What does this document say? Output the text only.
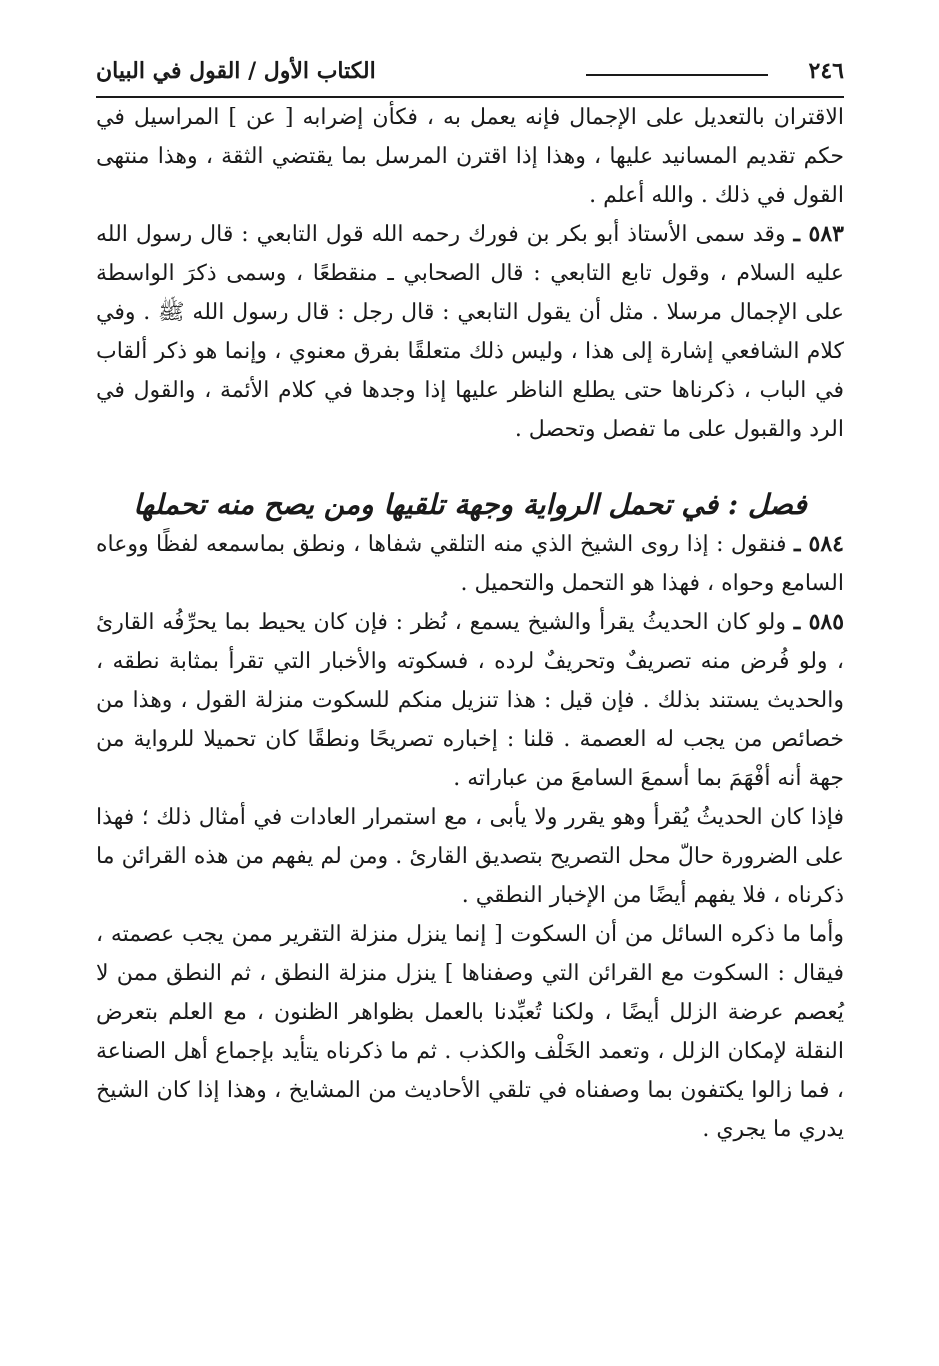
٢٤٦
الكتاب الأول / القول في البيان

الاقتران بالتعديل على الإجمال فإنه يعمل به ، فكأن إضرابه [ عن ] المراسيل في حكم تقديم المسانيد عليها ، وهذا إذا اقترن المرسل بما يقتضي الثقة ، وهذا منتهى القول في ذلك . والله أعلم .

٥٨٣ ـ وقد سمى الأستاذ أبو بكر بن فورك رحمه الله قول التابعي : قال رسول الله عليه السلام ، وقول تابع التابعي : قال الصحابي ـ منقطعًا ، وسمى ذكرَ الواسطة على الإجمال مرسلا . مثل أن يقول التابعي : قال رجل : قال رسول الله ﷺ . وفي كلام الشافعي إشارة إلى هذا ، وليس ذلك متعلقًا بفرق معنوي ، وإنما هو ذكر ألقاب في الباب ، ذكرناها حتى يطلع الناظر عليها إذا وجدها في كلام الأئمة ، والقول في الرد والقبول على ما تفصل وتحصل .

فصل : في تحمل الرواية وجهة تلقيها ومن يصح منه تحملها

٥٨٤ ـ فنقول : إذا روى الشيخ الذي منه التلقي شفاها ، ونطق بماسمعه لفظًا ووعاه السامع وحواه ، فهذا هو التحمل والتحميل .

٥٨٥ ـ ولو كان الحديثُ يقرأ والشيخ يسمع ، نُظر : فإن كان يحيط بما يحرِّفُه القارئ ، ولو فُرض منه تصريفٌ وتحريفٌ لرده ، فسكوته والأخبار التي تقرأ بمثابة نطقه ، والحديث يستند بذلك . فإن قيل : هذا تنزيل منكم للسكوت منزلة القول ، وهذا من خصائص من يجب له العصمة . قلنا : إخباره تصريحًا ونطقًا كان تحميلا للرواية من جهة أنه أفْهَمَ بما أسمعَ السامعَ من عباراته .

فإذا كان الحديثُ يُقرأ وهو يقرر ولا يأبى ، مع استمرار العادات في أمثال ذلك ؛ فهذا على الضرورة حالّ محل التصريح بتصديق القارئ . ومن لم يفهم من هذه القرائن ما ذكرناه ، فلا يفهم أيضًا من الإخبار النطقي .

وأما ما ذكره السائل من أن السكوت [ إنما ينزل منزلة التقرير ممن يجب عصمته ، فيقال : السكوت مع القرائن التي وصفناها ] ينزل منزلة النطق ، ثم النطق ممن لا يُعصم عرضة الزلل أيضًا ، ولكنا تُعبِّدنا بالعمل بظواهر الظنون ، مع العلم بتعرض النقلة لإمكان الزلل ، وتعمد الخَلْف والكذب . ثم ما ذكرناه يتأيد بإجماع أهل الصناعة ، فما زالوا يكتفون بما وصفناه في تلقي الأحاديث من المشايخ ، وهذا إذا كان الشيخ يدري ما يجري .
